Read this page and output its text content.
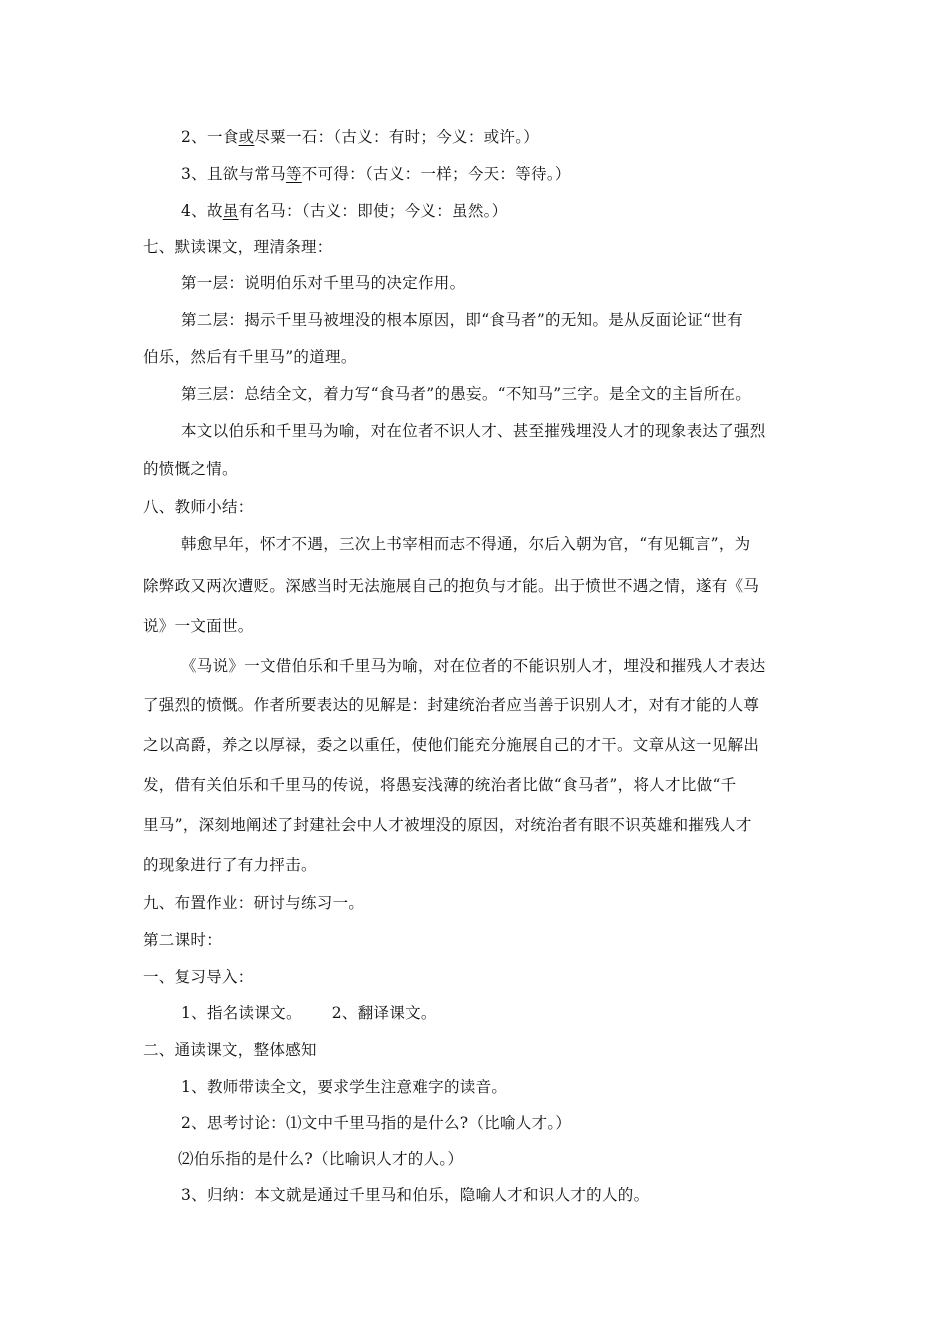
2、一食或尽粟一石：（古义：有时；今义：或许。）
3、且欲与常马等不可得：（古义：一样；今天：等待。）
4、故虽有名马：（古义：即使；今义：虽然。）
七、默读课文，理清条理：
第一层：说明伯乐对千里马的决定作用。
第二层：揭示千里马被埋没的根本原因，即“食马者”的无知。是从反面论证“世有
伯乐，然后有千里马”的道理。
第三层：总结全文，着力写“食马者”的愚妄。“不知马”三字。是全文的主旨所在。
本文以伯乐和千里马为喻，对在位者不识人才、甚至摧残埋没人才的现象表达了强烈
的愤慨之情。
八、教师小结：
韩愈早年，怀才不遇，三次上书宰相而志不得通，尔后入朝为官，“有见辄言”，为
除弊政又两次遭贬。深感当时无法施展自己的抱负与才能。出于愤世不遇之情，遂有《马
说》一文面世。
《马说》一文借伯乐和千里马为喻，对在位者的不能识别人才，埋没和摧残人才表达
了强烈的愤慨。作者所要表达的见解是：封建统治者应当善于识别人才，对有才能的人尊
之以高爵，养之以厚禄，委之以重任，使他们能充分施展自己的才干。文章从这一见解出
发，借有关伯乐和千里马的传说，将愚妄浅薄的统治者比做“食马者”，将人才比做“千
里马”，深刻地阐述了封建社会中人才被埋没的原因，对统治者有眼不识英雄和摧残人才
的现象进行了有力抨击。
九、布置作业：研讨与练习一。
第二课时：
一、复习导入：
1、指名读课文。 2、翻译课文。
二、通读课文，整体感知
1、教师带读全文，要求学生注意难字的读音。
2、思考讨论：⑴文中千里马指的是什么?（比喻人才。）
⑵伯乐指的是什么?（比喻识人才的人。）
3、归纳：本文就是通过千里马和伯乐，隐喻人才和识人才的人的。
